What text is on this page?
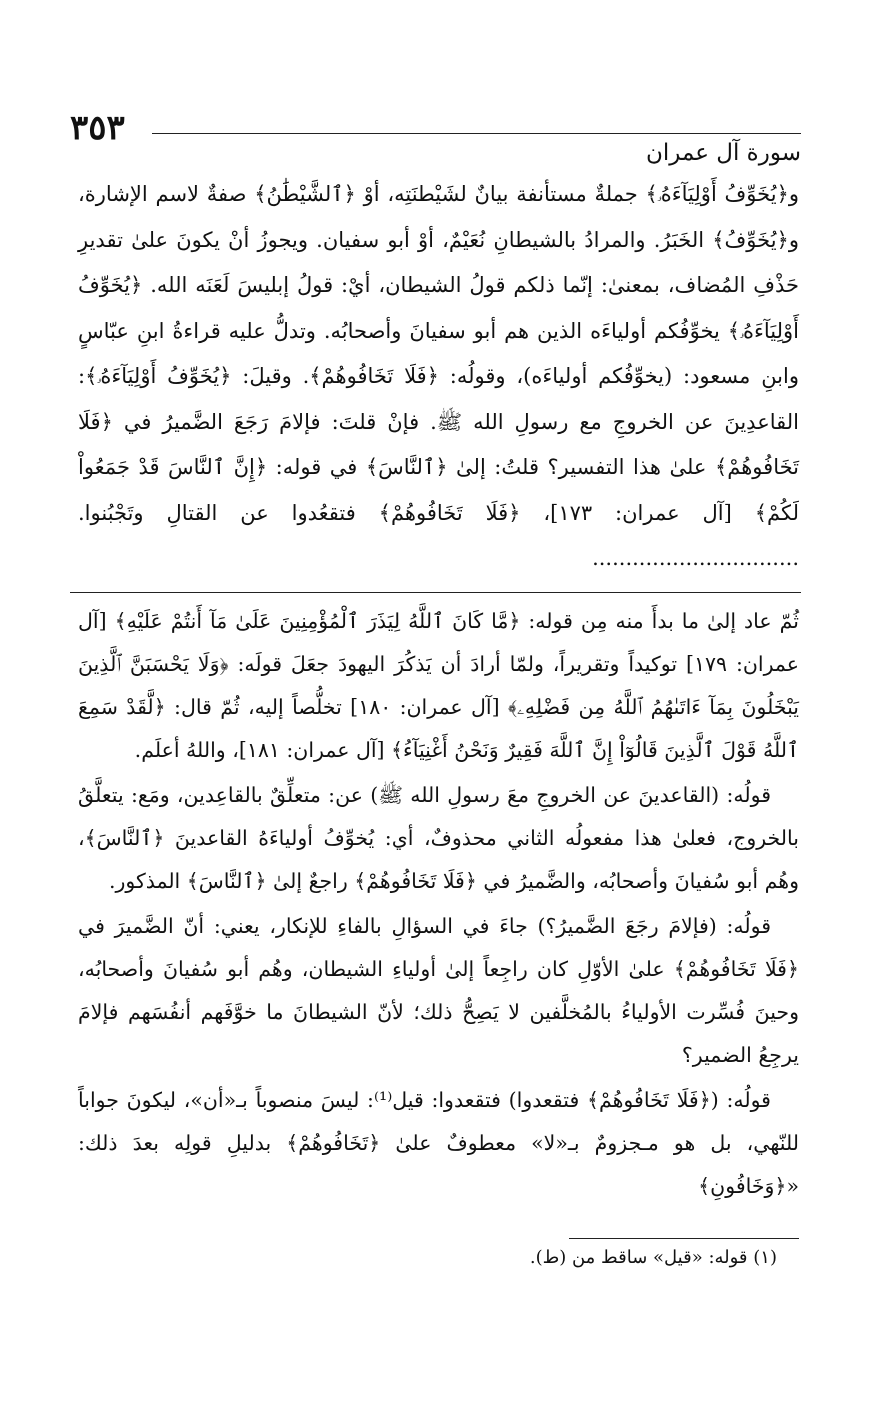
٣٥٣
سورة آل عمران

و﴿يُخَوِّفُ أَوْلِيَآءَهُۥ﴾ جملةٌ مستأنفة بيانٌ لشَيْطنَتِه، أوْ ﴿ٱلشَّيْطَٰنُ﴾ صفةٌ لاسم الإشارة، و﴿يُخَوِّفُ﴾ الخَبَرُ. والمرادُ بالشيطانِ نُعَيْمٌ، أوْ أبو سفيان. ويجوزُ أنْ يكونَ علىٰ تقديرِ حَذْفِ المُضاف، بمعنىٰ: إنّما ذلكم قولُ الشيطان، أيْ: قولُ إبليسَ لَعَنَه الله. ﴿يُخَوِّفُ أَوْلِيَآءَهُۥ﴾ يخوِّفُكم أولياءَه الذين هم أبو سفيانَ وأصحابُه. وتدلُّ عليه قراءةُ ابنِ عبّاسٍ وابنِ مسعود: (يخوِّفُكم أولياءَه)، وقولُه: ﴿فَلَا تَخَافُوهُمْ﴾. وقيلَ: ﴿يُخَوِّفُ أَوْلِيَآءَهُۥ﴾: القاعدِينَ عن الخروجِ مع رسولِ الله ﷺ. فإنْ قلتَ: فإلامَ رَجَعَ الضَّميرُ في ﴿فَلَا تَخَافُوهُمْ﴾ علىٰ هذا التفسير؟ قلتُ: إلىٰ ﴿ٱلنَّاسَ﴾ في قوله: ﴿إِنَّ ٱلنَّاسَ قَدْ جَمَعُواْ لَكُمْ﴾ [آل عمران: ١٧٣]، ﴿فَلَا تَخَافُوهُمْ﴾ فتقعُدوا عن القتالِ وتَجْبُنوا. ...............................

ثُمّ عاد إلىٰ ما بدأَ منه مِن قوله: ﴿مَّا كَانَ ٱللَّهُ لِيَذَرَ ٱلْمُؤْمِنِينَ عَلَىٰ مَآ أَنتُمْ عَلَيْهِ﴾ [آل عمران: ١٧٩] توكيداً وتقريراً، ولمّا أرادَ أن يَذكُرَ اليهودَ جعَلَ قولَه: ﴿وَلَا يَحْسَبَنَّ ٱلَّذِينَ يَبْخَلُونَ بِمَآ ءَاتَىٰهُمُ ٱللَّهُ مِن فَضْلِهِۦ﴾ [آل عمران: ١٨٠] تخلُّصاً إليه، ثُمّ قال: ﴿لَّقَدْ سَمِعَ ٱللَّهُ قَوْلَ ٱلَّذِينَ قَالُوٓاْ إِنَّ ٱللَّهَ فَقِيرٌ وَنَحْنُ أَغْنِيَآءُ﴾ [آل عمران: ١٨١]، واللهُ أعلَم.

قولُه: (القاعدينَ عن الخروجِ معَ رسولِ الله ﷺ) عن: متعلِّقٌ بالقاعِدين، ومَع: يتعلَّقُ بالخروج، فعلىٰ هذا مفعولُه الثاني محذوفٌ، أي: يُخوِّفُ أولياءَهُ القاعدينَ ﴿ٱلنَّاسَ﴾، وهُم أبو سُفيانَ وأصحابُه، والضَّميرُ في ﴿فَلَا تَخَافُوهُمْ﴾ راجعٌ إلىٰ ﴿ٱلنَّاسَ﴾ المذكور.

قولُه: (فإلامَ رجَعَ الضَّميرُ؟) جاءَ في السؤالِ بالفاءِ للإنكار، يعني: أنّ الضَّميرَ في ﴿فَلَا تَخَافُوهُمْ﴾ علىٰ الأوّلِ كان راجِعاً إلىٰ أولياءِ الشيطان، وهُم أبو سُفيانَ وأصحابُه، وحينَ فُسِّرت الأولياءُ بالمُخلَّفين لا يَصِحُّ ذلك؛ لأنّ الشيطانَ ما خوَّفَهم أنفُسَهم فإلامَ يرجِعُ الضمير؟

قولُه: (﴿فَلَا تَخَافُوهُمْ﴾ فتقعدوا) فتقعدوا: قيل⁽¹⁾: ليسَ منصوباً بـ«أن»، ليكونَ جواباً للنّهي، بل هو مـجزومٌ بـ«لا» معطوفٌ علىٰ ﴿تَخَافُوهُمْ﴾ بدليلِ قولِه بعدَ ذلك: «﴿وَخَافُونِ﴾

(١) قوله: «قيل» ساقط من (ط).
